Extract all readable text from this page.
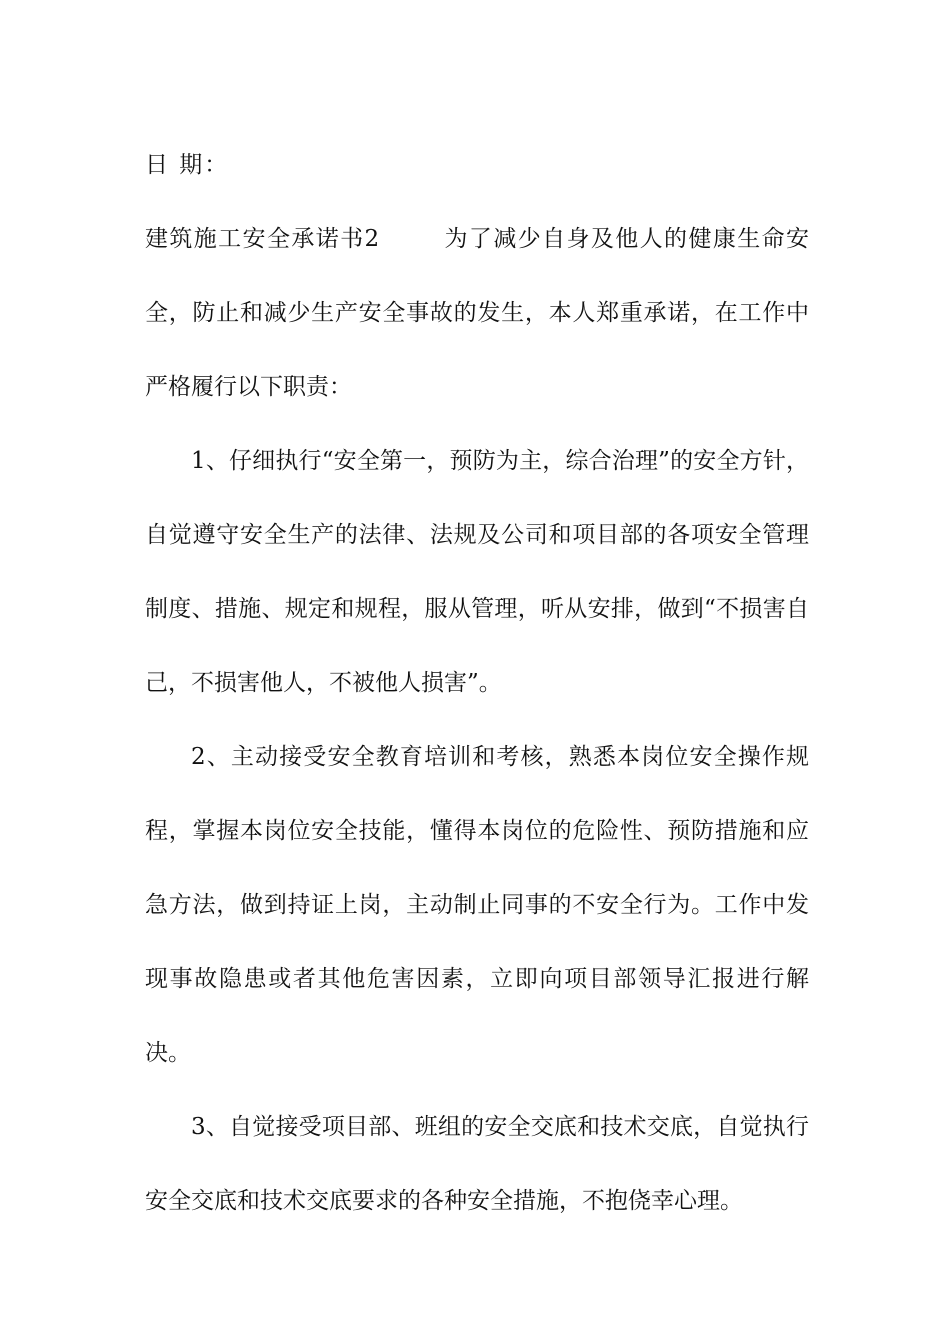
日 期：

建筑施工安全承诺书2	为了减少自身及他人的健康生命安全，防止和减少生产安全事故的发生，本人郑重承诺，在工作中严格履行以下职责：

1、仔细执行“安全第一，预防为主，综合治理”的安全方针，自觉遵守安全生产的法律、法规及公司和项目部的各项安全管理制度、措施、规定和规程，服从管理，听从安排，做到“不损害自己，不损害他人，不被他人损害”。

2、主动接受安全教育培训和考核，熟悉本岗位安全操作规程，掌握本岗位安全技能，懂得本岗位的危险性、预防措施和应急方法，做到持证上岗，主动制止同事的不安全行为。工作中发现事故隐患或者其他危害因素，立即向项目部领导汇报进行解决。

3、自觉接受项目部、班组的安全交底和技术交底，自觉执行安全交底和技术交底要求的各种安全措施，不抱侥幸心理。
